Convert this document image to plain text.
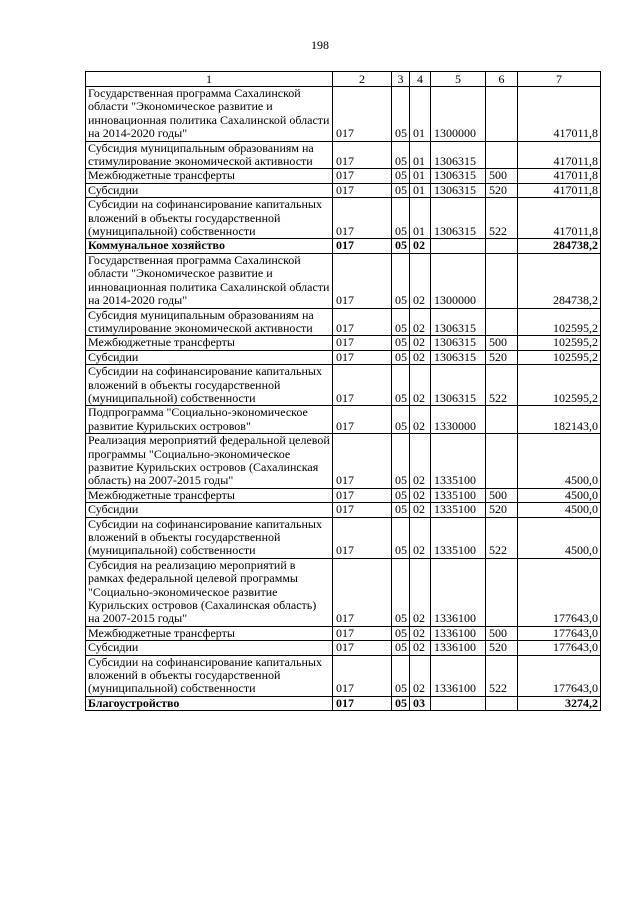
198
1	2	3	4	5	6	7
Государственная программа Сахалинской области "Экономическое развитие и инновационная политика Сахалинской области на 2014-2020 годы"	017	05	01	1300000		417011,8
Субсидия муниципальным образованиям на стимулирование экономической активности	017	05	01	1306315		417011,8
Межбюджетные трансферты	017	05	01	1306315	500	417011,8
Субсидии	017	05	01	1306315	520	417011,8
Субсидии на софинансирование капитальных вложений в объекты государственной (муниципальной) собственности	017	05	01	1306315	522	417011,8
Коммунальное хозяйство	017	05	02			284738,2
Государственная программа Сахалинской области "Экономическое развитие и инновационная политика Сахалинской области на 2014-2020 годы"	017	05	02	1300000		284738,2
Субсидия муниципальным образованиям на стимулирование экономической активности	017	05	02	1306315		102595,2
Межбюджетные трансферты	017	05	02	1306315	500	102595,2
Субсидии	017	05	02	1306315	520	102595,2
Субсидии на софинансирование капитальных вложений в объекты государственной (муниципальной) собственности	017	05	02	1306315	522	102595,2
Подпрограмма "Социально-экономическое развитие Курильских островов"	017	05	02	1330000		182143,0
Реализация мероприятий федеральной целевой программы "Социально-экономическое развитие Курильских островов (Сахалинская область) на 2007-2015 годы"	017	05	02	1335100		4500,0
Межбюджетные трансферты	017	05	02	1335100	500	4500,0
Субсидии	017	05	02	1335100	520	4500,0
Субсидии на софинансирование капитальных вложений в объекты государственной (муниципальной) собственности	017	05	02	1335100	522	4500,0
Субсидия на реализацию мероприятий в рамках федеральной целевой программы "Социально-экономическое развитие Курильских островов (Сахалинская область) на 2007-2015 годы"	017	05	02	1336100		177643,0
Межбюджетные трансферты	017	05	02	1336100	500	177643,0
Субсидии	017	05	02	1336100	520	177643,0
Субсидии на софинансирование капитальных вложений в объекты государственной (муниципальной) собственности	017	05	02	1336100	522	177643,0
Благоустройство	017	05	03			3274,2
